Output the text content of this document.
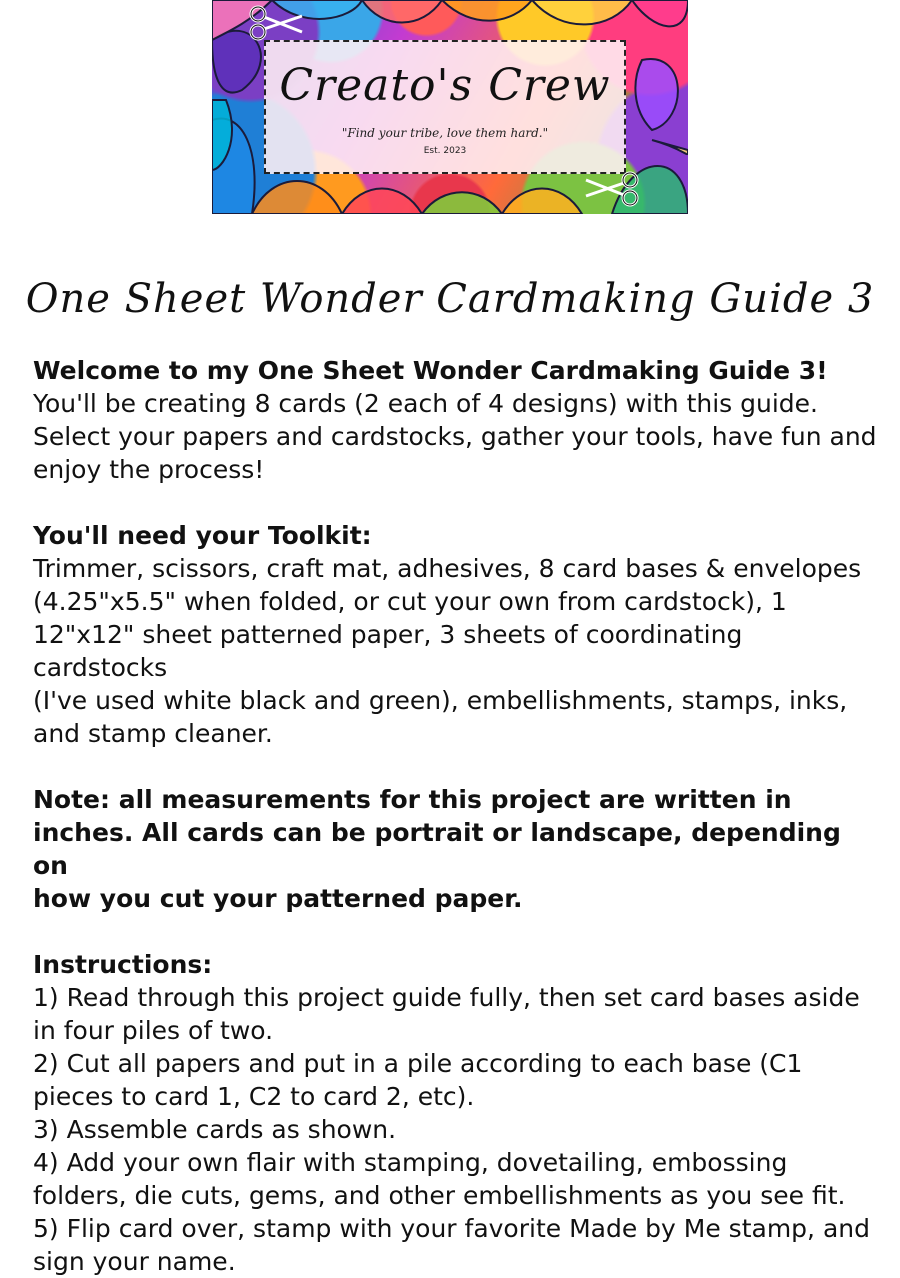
Creato's Crew
"Find your tribe, love them hard."
Est. 2023
One Sheet Wonder Cardmaking Guide 3

Welcome to my One Sheet Wonder Cardmaking Guide 3!

You'll be creating 8 cards (2 each of 4 designs) with this guide.

Select your papers and cardstocks, gather your tools, have fun and

enjoy the process!

You'll need your Toolkit:

Trimmer, scissors, craft mat, adhesives, 8 card bases & envelopes

(4.25"x5.5" when folded, or cut your own from cardstock), 1

12"x12" sheet patterned paper, 3 sheets of coordinating cardstocks

(I've used white black and green), embellishments, stamps, inks,

and stamp cleaner.

Note: all measurements for this project are written in

inches. All cards can be portrait or landscape, depending on

how you cut your patterned paper.

Instructions:

1) Read through this project guide fully, then set card bases aside

in four piles of two.

2) Cut all papers and put in a pile according to each base (C1

pieces to card 1, C2 to card 2, etc).

3) Assemble cards as shown.

4) Add your own flair with stamping, dovetailing, embossing

folders, die cuts, gems, and other embellishments as you see fit.

5) Flip card over, stamp with your favorite Made by Me stamp, and

sign your name.
